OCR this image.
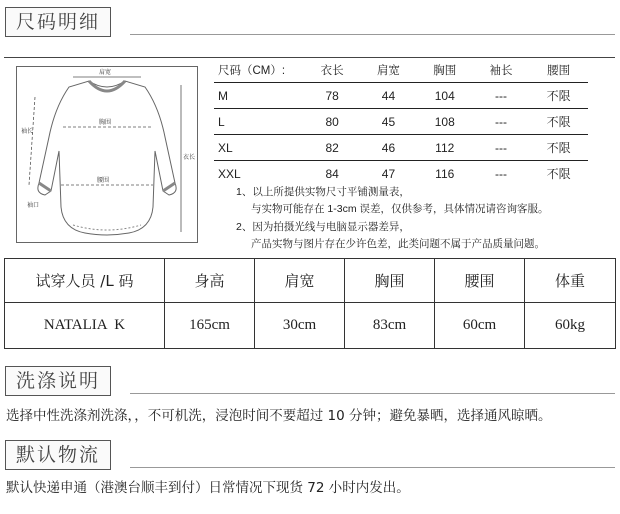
尺码明细
肩宽
胸围
腰围
衣长
袖长
袖口
尺码（CM）:	衣长	肩宽	胸围	袖长	腰围
M	78	44	104	---	不限
L	80	45	108	---	不限
XL	82	46	112	---	不限
XXL	84	47	116	---	不限
1、以上所提供实物尺寸平铺测量表，
与实物可能存在 1-3cm 误差，仅供参考，具体情况请咨询客服。
2、因为拍摄光线与电脑显示器差异，
产品实物与图片存在少许色差，此类问题不属于产品质量问题。
试穿人员 /L 码	身高	肩宽	胸围	腰围	体重
NATALIA  K	165cm	30cm	83cm	60cm	60kg
洗涤说明
选择中性洗涤剂洗涤，，不可机洗，浸泡时间不要超过 10 分钟；避免暴晒，选择通风晾晒。
默认物流
默认快递申通（港澳台顺丰到付）日常情况下现货 72 小时内发出。
